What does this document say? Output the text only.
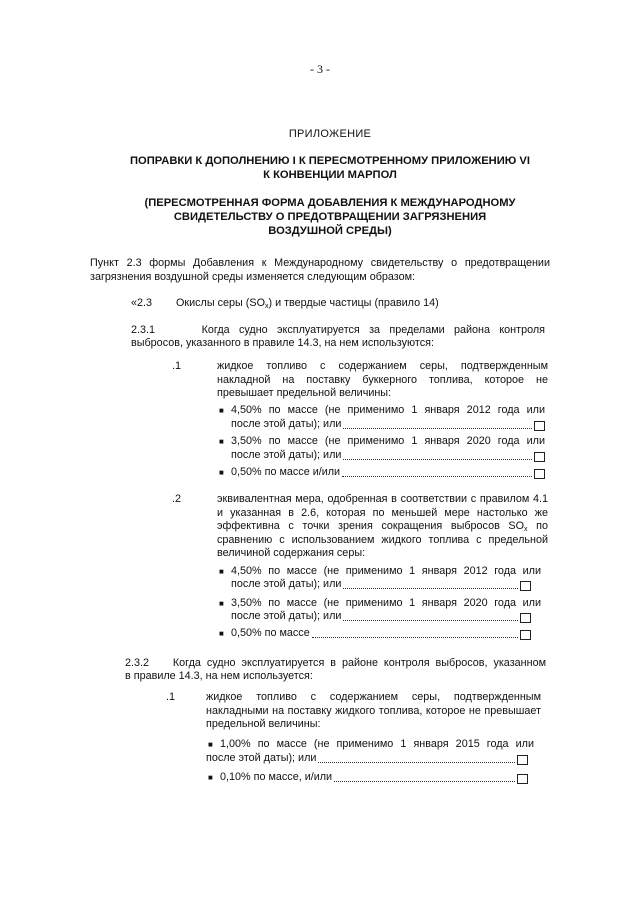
- 3 -
ПРИЛОЖЕНИЕ
ПОПРАВКИ К ДОПОЛНЕНИЮ I К ПЕРЕСМОТРЕННОМУ ПРИЛОЖЕНИЮ VI
К КОНВЕНЦИИ МАРПОЛ
(ПЕРЕСМОТРЕННАЯ ФОРМА ДОБАВЛЕНИЯ К МЕЖДУНАРОДНОМУ
СВИДЕТЕЛЬСТВУ О ПРЕДОТВРАЩЕНИИ ЗАГРЯЗНЕНИЯ
ВОЗДУШНОЙ СРЕДЫ)
Пункт 2.3 формы Добавления к Международному свидетельству о предотвращении загрязнения воздушной среды изменяется следующим образом:
«2.3 Окислы серы $(SO_x)$ и твердые частицы (правило 14)
2.3.1	Когда судно эксплуатируется за пределами района контроля
выбросов, указанного в правиле 14.3, на нем используются:
.1	жидкое топливо с содержанием серы, подтвержденным накладной на поставку буккерного топлива, которое не превышает предельной величины:
■ 4,50% по массе (не применимо 1 января 2012 года или
после этой даты); или
■ 3,50% по массе (не применимо 1 января 2020 года или
после этой даты); или
■ 0,50% по массе и/или
.2	эквивалентная мера, одобренная в соответствии с правилом 4.1 и указанная в 2.6, которая по меньшей мере настолько же эффективна с точки зрения сокращения выбросов $SO_x$ по сравнению с использованием жидкого топлива с предельной величиной содержания серы:
■ 4,50% по массе (не применимо 1 января 2012 года или
после этой даты); или
■ 3,50% по массе (не применимо 1 января 2020 года или
после этой даты); или
■ 0,50% по массе
2.3.2 Когда судно эксплуатируется в районе контроля выбросов, указанном
в правиле 14.3, на нем используется:
.1	жидкое топливо с содержанием серы, подтвержденным накладными на поставку жидкого топлива, которое не превышает предельной величины:
■ 1,00% по массе (не применимо 1 января 2015 года или
после этой даты); или
■ 0,10% по массе, и/или
